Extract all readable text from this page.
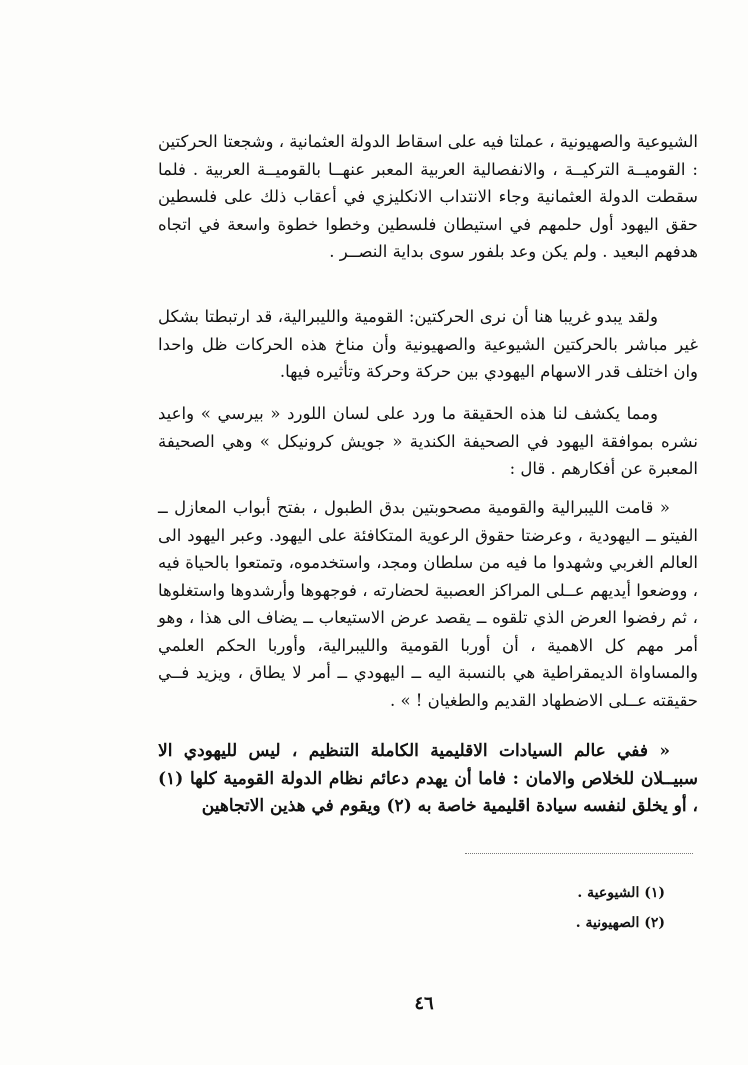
الشيوعية والصهيونية ، عملتا فيه على اسقاط الدولة العثمانية ، وشجعتا الحركتين : القوميــة التركيــة ، والانفصالية العربية المعبر عنهــا بالقوميــة العربية . فلما سقطت الدولة العثمانية وجاء الانتداب الانكليزي في أعقاب ذلك على فلسطين حقق اليهود أول حلمهم في استيطان فلسطين وخطوا خطوة واسعة في اتجاه هدفهم البعيد . ولم يكن وعد بلفور سوى بداية النصــر .

ولقد يبدو غريبا هنا أن نرى الحركتين: القومية والليبرالية، قد ارتبطتا بشكل غير مباشر بالحركتين الشيوعية والصهيونية وأن مناخ هذه الحركات ظل واحدا وان اختلف قدر الاسهام اليهودي بين حركة وحركة وتأثيره فيها.

ومما يكشف لنا هذه الحقيقة ما ورد على لسان اللورد « بيرسي » واعيد نشره بموافقة اليهود في الصحيفة الكندية « جويش كرونيكل » وهي الصحيفة المعبرة عن أفكارهم . قال :

« قامت الليبرالية والقومية مصحوبتين بدق الطبول ، بفتح أبواب المعازل ــ الفيتو ــ اليهودية ، وعرضتا حقوق الرعوية المتكافئة على اليهود. وعبر اليهود الى العالم الغربي وشهدوا ما فيه من سلطان ومجد، واستخدموه، وتمتعوا بالحياة فيه ، ووضعوا أيديهم عــلى المراكز العصبية لحضارته ، فوجهوها وأرشدوها واستغلوها ، ثم رفضوا العرض الذي تلقوه ــ يقصد عرض الاستيعاب ــ يضاف الى هذا ، وهو أمر مهم كل الاهمية ، أن أوربا القومية والليبرالية، وأوربا الحكم العلمي والمساواة الديمقراطية هي بالنسبة اليه ــ اليهودي ــ أمر لا يطاق ، ويزيد فــي حقيقته عــلى الاضطهاد القديم والطغيان ! » .

« ففي عالم السيادات الاقليمية الكاملة التنظيم ، ليس لليهودي الا سبيــلان للخلاص والامان : فاما أن يهدم دعائم نظام الدولة القومية كلها (١) ، أو يخلق لنفسه سيادة اقليمية خاصة به (٢) ويقوم في هذين الاتجاهين

(١) الشيوعية .
(٢) الصهيونية .
٤٦
